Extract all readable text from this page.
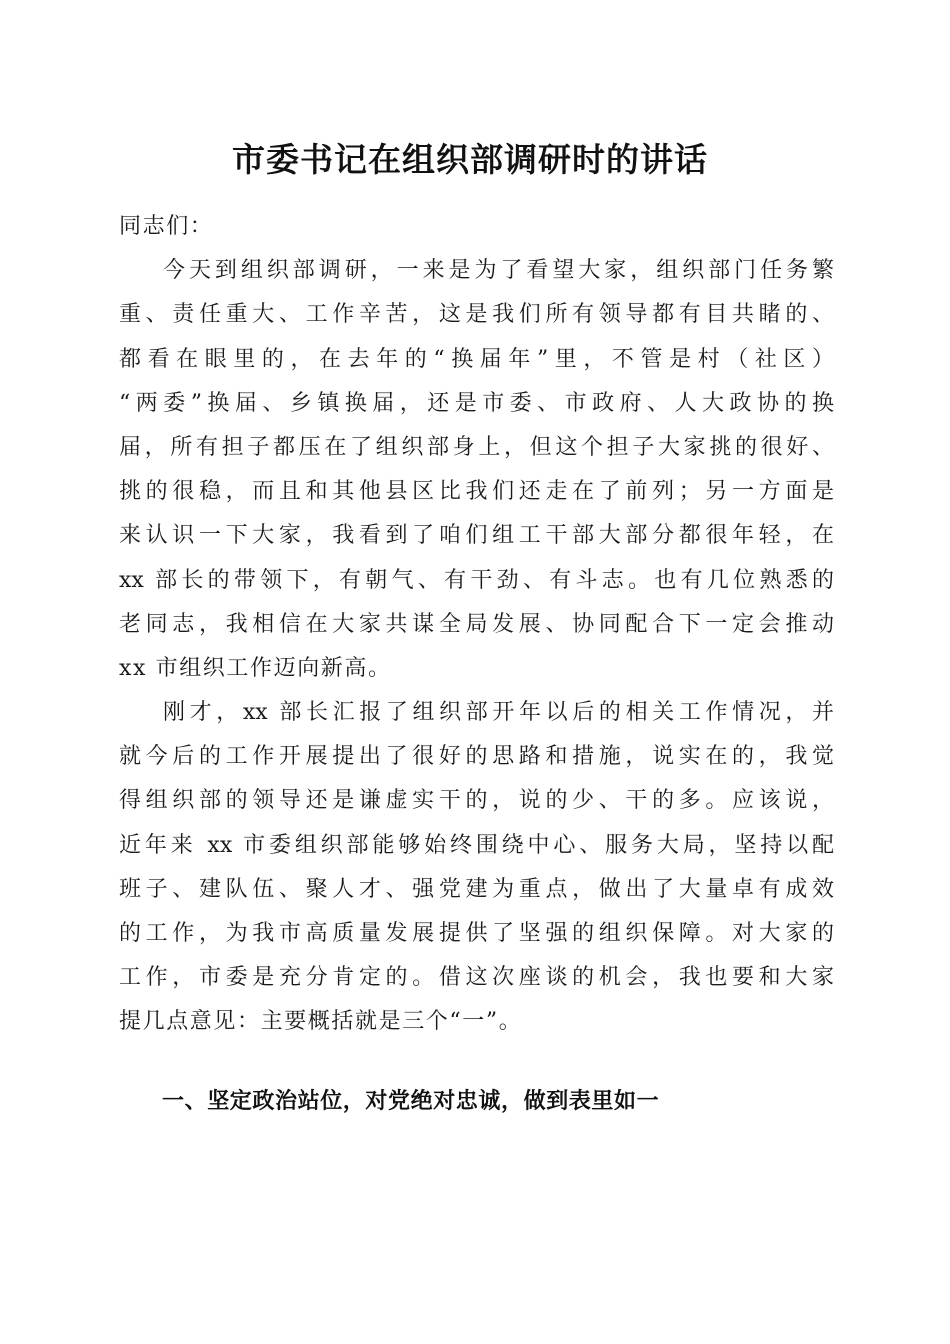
市委书记在组织部调研时的讲话
同志们：
今天到组织部调研，一来是为了看望大家，组织部门任务繁
重、责任重大、工作辛苦，这是我们所有领导都有目共睹的、
都看在眼里的，在去年的“换届年”里，不管是村（社区）
“两委”换届、乡镇换届，还是市委、市政府、人大政协的换
届，所有担子都压在了组织部身上，但这个担子大家挑的很好、
挑的很稳，而且和其他县区比我们还走在了前列；另一方面是
来认识一下大家，我看到了咱们组工干部大部分都很年轻，在
xx 部长的带领下，有朝气、有干劲、有斗志。也有几位熟悉的
老同志，我相信在大家共谋全局发展、协同配合下一定会推动
xx 市组织工作迈向新高。
刚才，xx 部长汇报了组织部开年以后的相关工作情况，并
就今后的工作开展提出了很好的思路和措施，说实在的，我觉
得组织部的领导还是谦虚实干的，说的少、干的多。应该说，
近年来 xx 市委组织部能够始终围绕中心、服务大局，坚持以配
班子、建队伍、聚人才、强党建为重点，做出了大量卓有成效
的工作，为我市高质量发展提供了坚强的组织保障。对大家的
工作，市委是充分肯定的。借这次座谈的机会，我也要和大家
提几点意见：主要概括就是三个“一”。
一、坚定政治站位，对党绝对忠诚，做到表里如一
